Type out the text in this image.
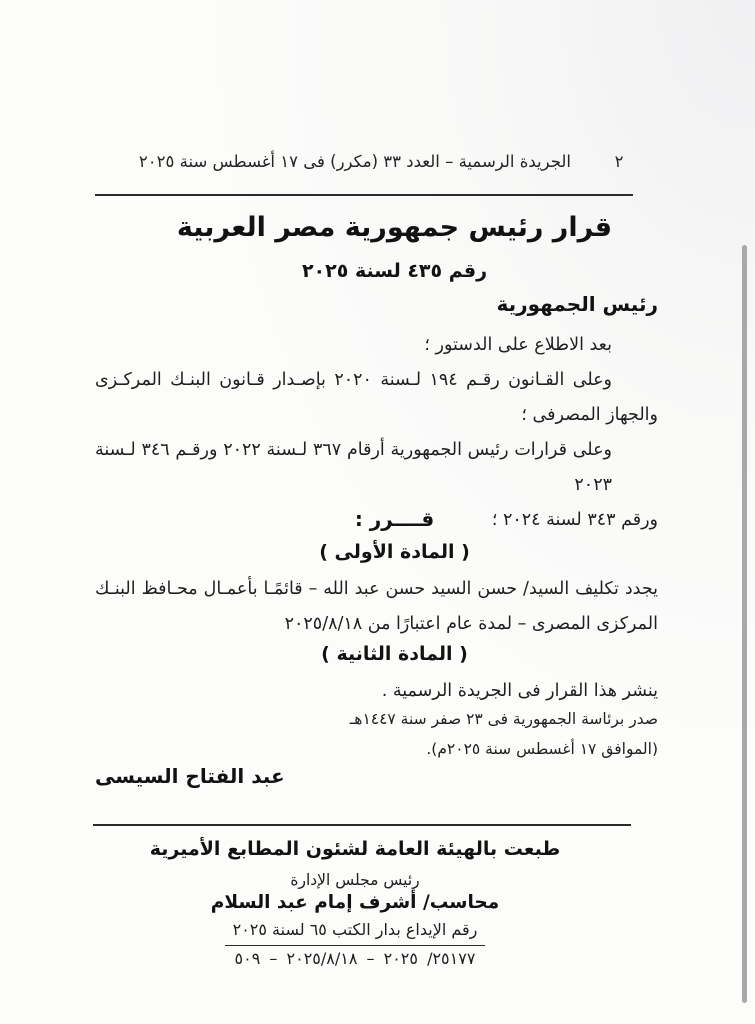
٢
الجريدة الرسمية – العدد ٣٣ (مكرر) فى ١٧ أغسطس سنة ٢٠٢٥
قرار رئيس جمهورية مصر العربية
رقم ٤٣٥ لسنة ٢٠٢٥
رئيس الجمهورية
بعد الاطلاع على الدستور ؛
وعلى القـانون رقـم ١٩٤ لـسنة ٢٠٢٠ بإصـدار قـانون البنـك المركـزى
والجهاز المصرفى ؛
وعلى قرارات رئيس الجمهورية أرقام ٣٦٧ لـسنة ٢٠٢٢ ورقـم ٣٤٦ لـسنة ٢٠٢٣
ورقم ٣٤٣ لسنة ٢٠٢٤ ؛
قــــرر :
( المادة الأولى )
يجدد تكليف السيد/ حسن السيد حسن عبد الله – قائمًـا بأعمـال محـافظ البنـك
المركزى المصرى – لمدة عام اعتبارًا من ٢٠٢٥/٨/١٨
( المادة الثانية )
ينشر هذا القرار فى الجريدة الرسمية .
صدر برئاسة الجمهورية فى ٢٣ صفر سنة ١٤٤٧هـ
(الموافق ١٧ أغسطس سنة ٢٠٢٥م).
عبد الفتاح السيسى
طبعت بالهيئة العامة لشئون المطابع الأميرية
رئيس مجلس الإدارة
محاسب/ أشرف إمام عبد السلام
رقم الإيداع بدار الكتب ٦٥ لسنة ٢٠٢٥
٥٠٩ – ٢٠٢٥/٨/١٨ – ٢٠٢٥ /٢٥١٧٧
